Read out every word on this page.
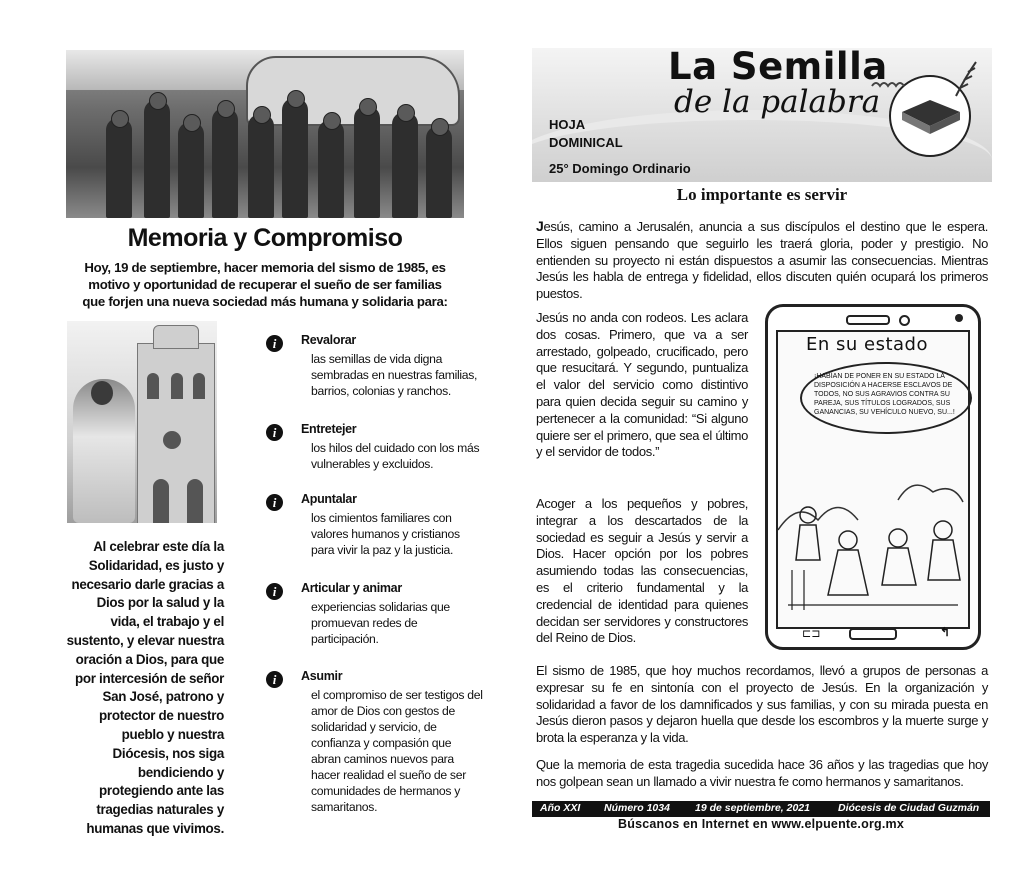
Memoria y Compromiso
Hoy, 19 de septiembre, hacer memoria del sismo de 1985, es motivo y oportunidad de recuperar el sueño de ser familias que forjen una nueva sociedad más humana y solidaria para:
Al celebrar este día la Solidaridad, es justo y necesario darle gracias a Dios por la salud y la vida, el trabajo y el sustento, y elevar nuestra oración a Dios, para que por intercesión de señor San José, patrono y protector de nuestro pueblo y nuestra Diócesis, nos siga bendiciendo y protegiendo ante las tragedias naturales y humanas que vivimos.
i	Revalorar
las semillas de vida digna sembradas en nuestras familias, barrios, colonias y ranchos.
i	Entretejer
los hilos del cuidado con los más vulnerables y excluidos.
i	Apuntalar
los cimientos familiares con valores humanos y cristianos para vivir la paz y la justicia.
i	Articular y animar
experiencias solidarias que promuevan redes de participación.
i	Asumir
el compromiso de ser testigos del amor de Dios con gestos de solidaridad y servicio, de confianza y compasión que abran caminos nuevos para hacer realidad el sueño de ser comunidades de hermanos y samaritanos.
La Semilla
de la palabra
HOJA
DOMINICAL
25° Domingo Ordinario
Lo importante es servir
Jesús, camino a Jerusalén, anuncia a sus discípulos el destino que le espera. Ellos siguen pensando que seguirlo les traerá gloria, poder y prestigio. No entienden su proyecto ni están dispuestos a asumir las consecuencias. Mientras Jesús les habla de entrega y fidelidad, ellos discuten quién ocupará los primeros puestos.
Jesús no anda con rodeos. Les aclara dos cosas. Primero, que va a ser arrestado, golpeado, crucificado, pero que resucitará. Y segundo, puntualiza el valor del servicio como distintivo para quien decida seguir su camino y pertenecer a la comunidad: “Si alguno quiere ser el primero, que sea el último y el servidor de todos.”
Acoger a los pequeños y pobres, integrar a los descartados de la sociedad es seguir a Jesús y servir a Dios. Hacer opción por los pobres asumiendo todas las consecuencias, es el criterio fundamental y la credencial de identidad para quienes decidan ser servidores y constructores del Reino de Dios.	⊏⊐	↰
En su estado
¡HABÍAN DE PONER EN SU ESTADO LA DISPOSICIÓN A HACERSE ESCLAVOS DE TODOS, NO SUS AGRAVIOS CONTRA SU PAREJA, SUS TÍTULOS LOGRADOS, SUS GANANCIAS, SU VEHÍCULO NUEVO, SU...!
El sismo de 1985, que hoy muchos recordamos, llevó a grupos de personas a expresar su fe en sintonía con el proyecto de Jesús. En la organización y solidaridad a favor de los damnificados y sus familias, y con su mirada puesta en Jesús dieron pasos y dejaron huella que desde los escombros y la muerte surge y brota la esperanza y la vida.
Que la memoria de esta tragedia sucedida hace 36 años y las tragedias que hoy nos golpean sean un llamado a vivir nuestra fe como hermanos y samaritanos.
Año XXI Número 1034 19 de septiembre, 2021	Diócesis de Ciudad Guzmán
Búscanos en Internet en www.elpuente.org.mx
